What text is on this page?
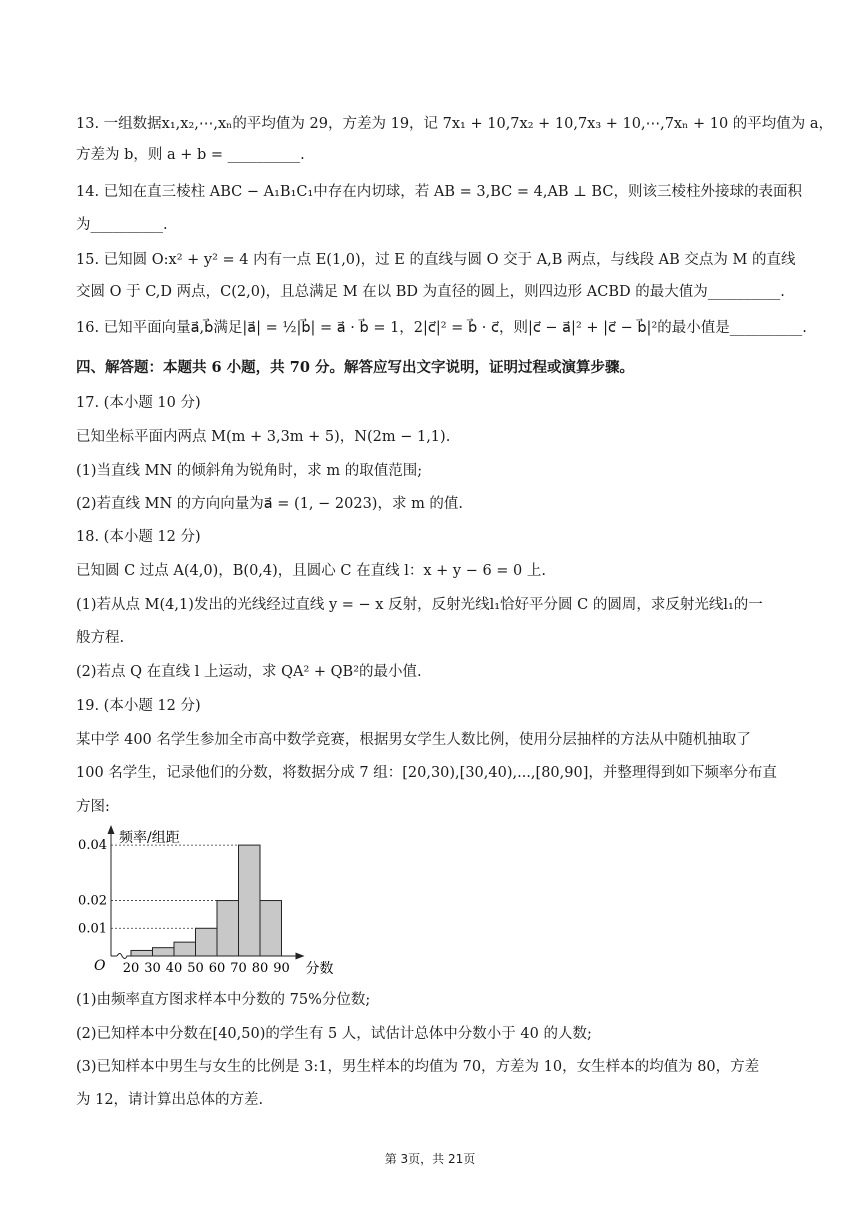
13. 一组数据x₁,x₂,⋯,xₙ的平均值为 29，方差为 19，记 7x₁ + 10,7x₂ + 10,7x₃ + 10,⋯,7xₙ + 10 的平均值为 a，
方差为 b，则 a + b = __________.
14. 已知在直三棱柱 ABC − A₁B₁C₁中存在内切球，若 AB = 3,BC = 4,AB ⊥ BC，则该三棱柱外接球的表面积
为__________.
15. 已知圆 O:x² + y² = 4 内有一点 E(1,0)，过 E 的直线与圆 O 交于 A,B 两点，与线段 AB 交点为 M 的直线
交圆 O 于 C,D 两点，C(2,0)，且总满足 M 在以 BD 为直径的圆上，则四边形 ACBD 的最大值为__________.
16. 已知平面向量a⃗,b⃗满足|a⃗| = ½|b⃗| = a⃗ · b⃗ = 1，2|c⃗|² = b⃗ · c⃗，则|c⃗ − a⃗|² + |c⃗ − b⃗|²的最小值是__________.
四、解答题：本题共 6 小题，共 70 分。解答应写出文字说明，证明过程或演算步骤。
17. (本小题 10 分)
已知坐标平面内两点 M(m + 3,3m + 5)，N(2m − 1,1).
(1)当直线 MN 的倾斜角为锐角时，求 m 的取值范围;
(2)若直线 MN 的方向向量为a⃗ = (1, − 2023)，求 m 的值.
18. (本小题 12 分)
已知圆 C 过点 A(4,0)，B(0,4)，且圆心 C 在直线 l：x + y − 6 = 0 上.
(1)若从点 M(4,1)发出的光线经过直线 y = − x 反射，反射光线l₁恰好平分圆 C 的圆周，求反射光线l₁的一
般方程.
(2)若点 Q 在直线 l 上运动，求 QA² + QB²的最小值.
19. (本小题 12 分)
某中学 400 名学生参加全市高中数学竞赛，根据男女学生人数比例，使用分层抽样的方法从中随机抽取了
100 名学生，记录他们的分数，将数据分成 7 组：[20,30),[30,40),...,[80,90]，并整理得到如下频率分布直
方图:
0.04
0.02
0.01
20 30 40 50 60 70 80 90
频率/组距
分数
O
(1)由频率直方图求样本中分数的 75%分位数;
(2)已知样本中分数在[40,50)的学生有 5 人，试估计总体中分数小于 40 的人数;
(3)已知样本中男生与女生的比例是 3:1，男生样本的均值为 70，方差为 10，女生样本的均值为 80，方差
为 12，请计算出总体的方差.
第 3页，共 21页
